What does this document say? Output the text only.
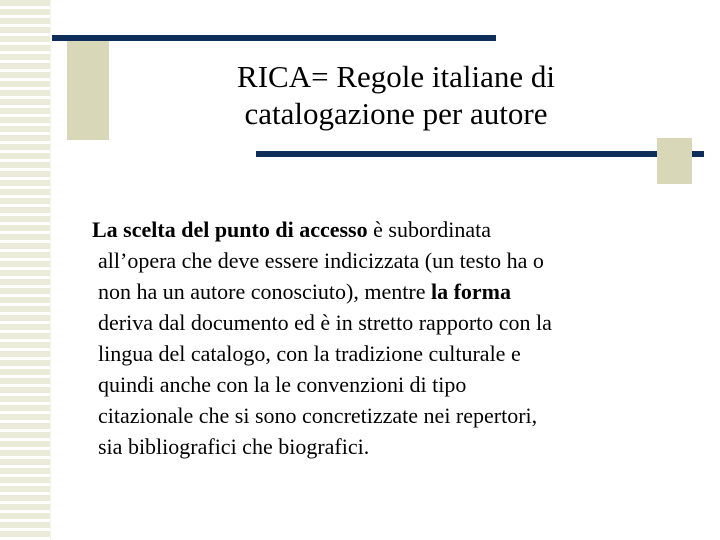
RICA= Regole italiane di
catalogazione per autore

La scelta del punto di accesso è subordinata
all’opera che deve essere indicizzata (un testo ha o
non ha un autore conosciuto), mentre la forma
deriva dal documento ed è in stretto rapporto con la
lingua del catalogo, con la tradizione culturale e
quindi anche con la le convenzioni di tipo
citazionale che si sono concretizzate nei repertori,
sia bibliografici che biografici.
